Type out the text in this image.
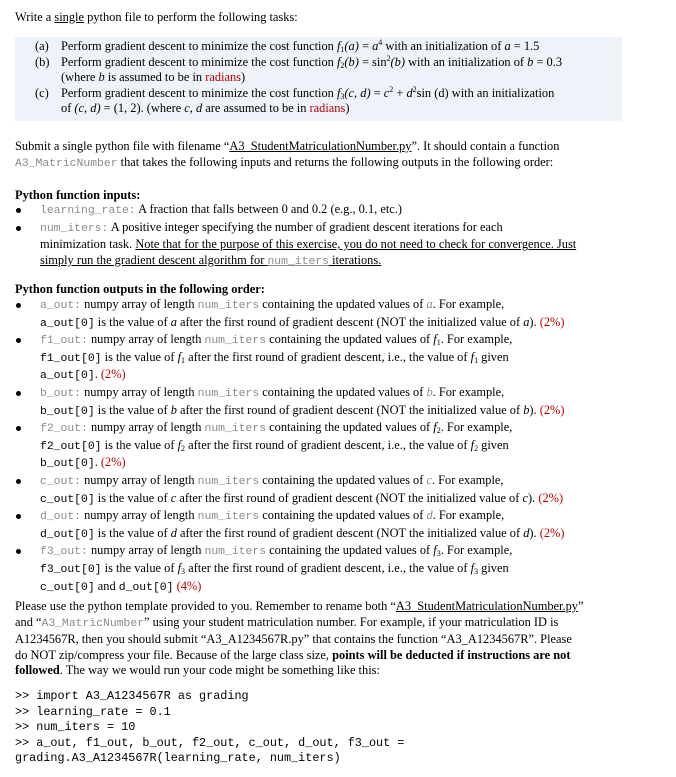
Write a single python file to perform the following tasks:
(a) Perform gradient descent to minimize the cost function $f_1(a) = a^4$ with an initialization of a = 1.5
(b) Perform gradient descent to minimize the cost function $f_2(b) = \sin^2(b)$ with an initialization of b = 0.3
(where b is assumed to be in radians)
(c) Perform gradient descent to minimize the cost function $f_3(c$, $d) = c^2 + d^2\sin$ (d) with an initialization
of (c, d) = (1, 2). (where c, d are assumed to be in radians)
Submit a single python file with filename “A3_StudentMatriculationNumber.py”. It should contain a function
A3_MatricNumber that takes the following inputs and returns the following outputs in the following order:
Python function inputs:
learning_rate: A fraction that falls between 0 and 0.2 (e.g., 0.1, etc.)
num_iters: A positive integer specifying the number of gradient descent iterations for each
minimization task. Note that for the purpose of this exercise, you do not need to check for convergence. Just
simply run the gradient descent algorithm for num_iters iterations.
Python function outputs in the following order:
a_out: numpy array of length num_iters containing the updated values of a. For example,
a_out[0] is the value of a after the first round of gradient descent (NOT the initialized value of a). (2%)
f1_out: numpy array of length num_iters containing the updated values of $f_1$. For example,
f1_out[0] is the value of $f_1$ after the first round of gradient descent, i.e., the value of $f_1$ given
a_out[0]. (2%)
b_out: numpy array of length num_iters containing the updated values of b. For example,
b_out[0] is the value of b after the first round of gradient descent (NOT the initialized value of b). (2%)
f2_out: numpy array of length num_iters containing the updated values of $f_2$. For example,
f2_out[0] is the value of $f_2$ after the first round of gradient descent, i.e., the value of $f_2$ given
b_out[0]. (2%)
c_out: numpy array of length num_iters containing the updated values of c. For example,
c_out[0] is the value of c after the first round of gradient descent (NOT the initialized value of c). (2%)
d_out: numpy array of length num_iters containing the updated values of d. For example,
d_out[0] is the value of d after the first round of gradient descent (NOT the initialized value of d). (2%)
f3_out: numpy array of length num_iters containing the updated values of $f_3$. For example,
f3_out[0] is the value of $f_3$ after the first round of gradient descent, i.e., the value of $f_3$ given
c_out[0] and d_out[0] (4%)
Please use the python template provided to you. Remember to rename both “A3_StudentMatriculationNumber.py”
and “A3_MatricNumber” using your student matriculation number. For example, if your matriculation ID is
A1234567R, then you should submit “A3_A1234567R.py” that contains the function “A3_A1234567R”. Please
do NOT zip/compress your file. Because of the large class size, points will be deducted if instructions are not
followed. The way we would run your code might be something like this:
>> import A3_A1234567R as grading
>> learning_rate = 0.1
>> num_iters = 10
>> a_out, f1_out, b_out, f2_out, c_out, d_out, f3_out =
grading.A3_A1234567R(learning_rate, num_iters)
